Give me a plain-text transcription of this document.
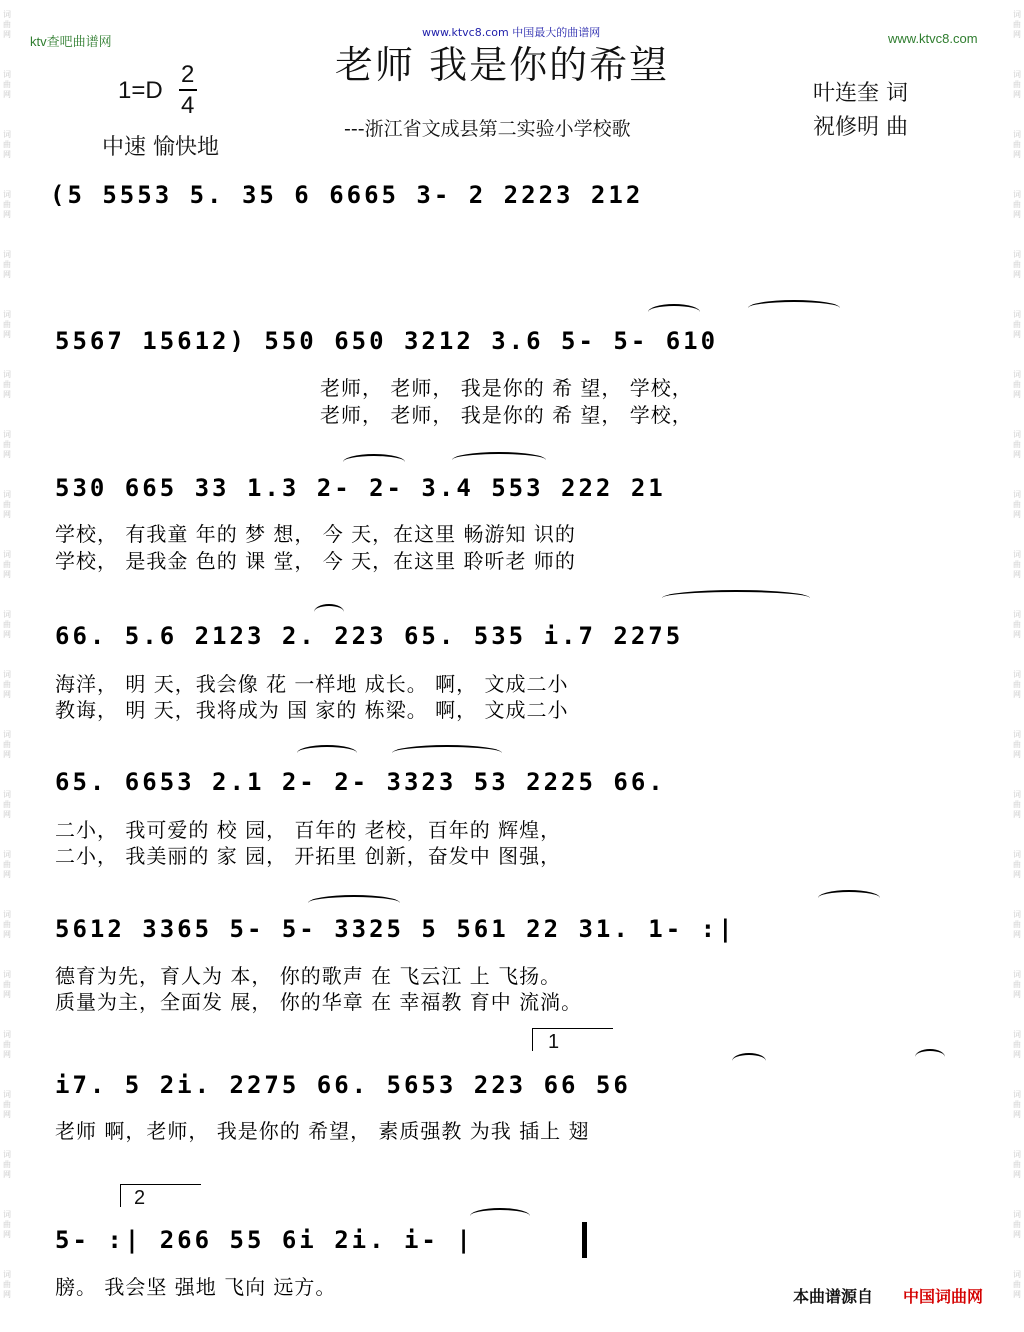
词
曲
网
词
曲
网
词
曲
网
词
曲
网
词
曲
网
词
曲
网
词
曲
网
词
曲
网
词
曲
网
词
曲
网
词
曲
网
词
曲
网
词
曲
网
词
曲
网
词
曲
网
词
曲
网
词
曲
网
词
曲
网
词
曲
网
词
曲
网
词
曲
网
词
曲
网
词
曲
网
词
曲
网
词
曲
网
词
曲
网
词
曲
网
词
曲
网
词
曲
网
词
曲
网
词
曲
网
词
曲
网
词
曲
网
词
曲
网
词
曲
网
词
曲
网
词
曲
网
词
曲
网
词
曲
网
词
曲
网
词
曲
网
词
曲
网
词
曲
网
词
曲
网
www.ktvc8.com 中国最大的曲谱网
ktv查吧曲谱网	www.ktvc8.com
老师 我是你的希望
1=D
2
4
中速 愉快地
---浙江省文成县第二实验小学校歌
叶连奎 词
祝修明 曲
(5 5553 5. 35 6 6665 3- 2 2223 212
5567 15612) 550 650 3212 3.6 5- 5- 610
老师， 老师， 我是你的 希 望， 学校，
老师， 老师， 我是你的 希 望， 学校，
530 665 33 1.3 2- 2- 3.4 553 222 21
学校， 有我童 年的 梦 想， 今 天，在这里 畅游知 识的
学校， 是我金 色的 课 堂， 今 天，在这里 聆听老 师的
66. 5.6 2123 2. 223 65. 535 i.7 2275
海洋， 明 天，我会像 花 一样地 成长。 啊， 文成二小
教诲， 明 天，我将成为 国 家的 栋梁。 啊， 文成二小
65. 6653 2.1 2- 2- 3323 53 2225 66.
二小， 我可爱的 校 园， 百年的 老校，百年的 辉煌，
二小， 我美丽的 家 园， 开拓里 创新，奋发中 图强，
5612 3365 5- 5- 3325 5 561 22 31. 1- :|
德育为先，育人为 本， 你的歌声 在 飞云江 上 飞扬。
质量为主，全面发 展， 你的华章 在 幸福教 育中 流淌。
1
i7. 5 2i. 2275 66. 5653 223 66 56
老师 啊，老师， 我是你的 希望， 素质强教 为我 插上 翅
2
5- :| 266 55 6i 2i. i- |
膀。 我会坚 强地 飞向 远方。	本曲谱源自 中国词曲网
